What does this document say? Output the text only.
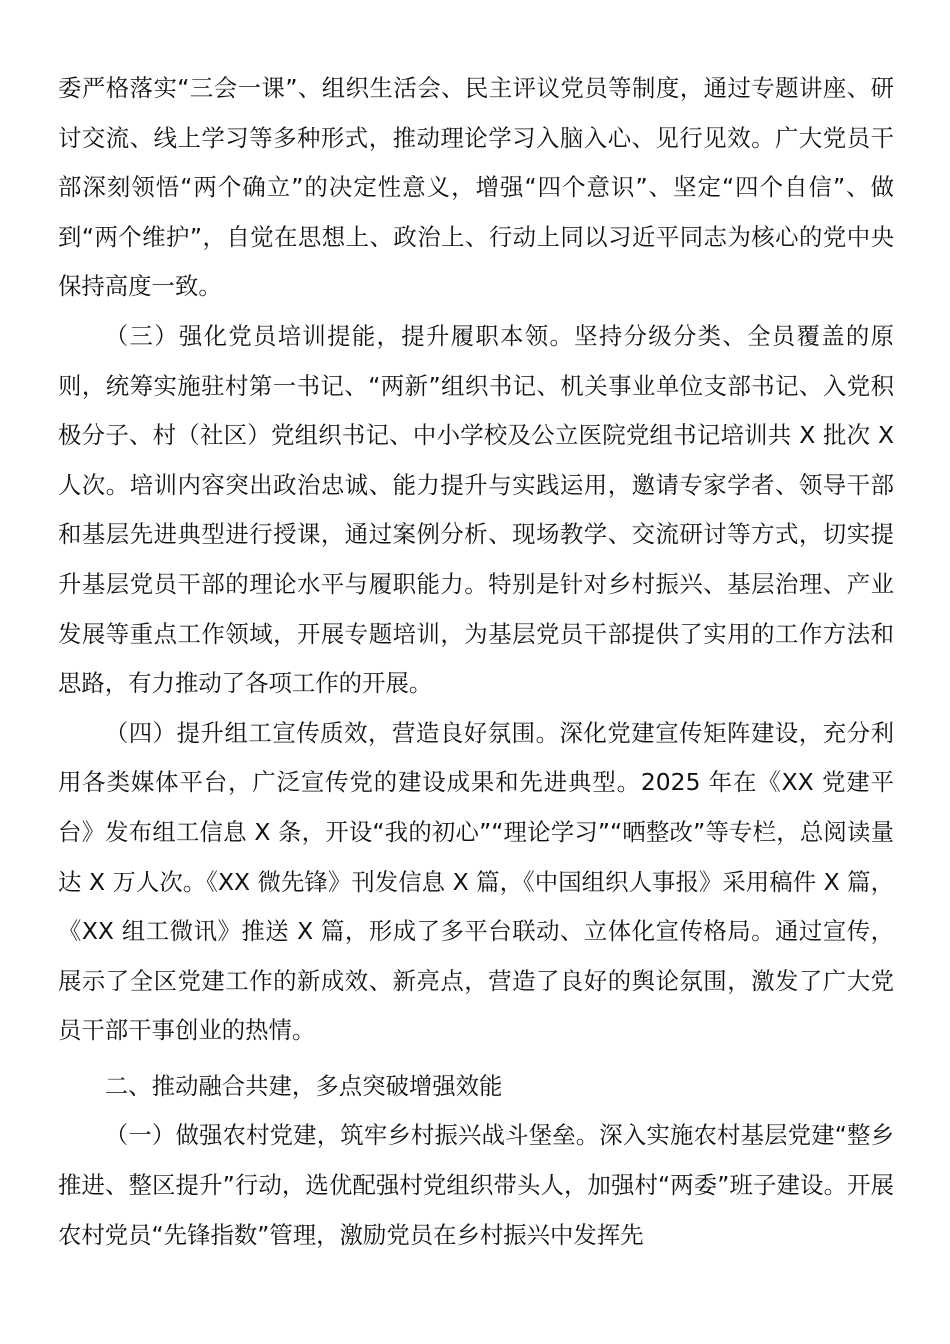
委严格落实“三会一课”、组织生活会、民主评议党员等制度，通过专题讲座、研讨交流、线上学习等多种形式，推动理论学习入脑入心、见行见效。广大党员干部深刻领悟“两个确立”的决定性意义，增强“四个意识”、坚定“四个自信”、做到“两个维护”，自觉在思想上、政治上、行动上同以习近平同志为核心的党中央保持高度一致。

（三）强化党员培训提能，提升履职本领。坚持分级分类、全员覆盖的原则，统筹实施驻村第一书记、“两新”组织书记、机关事业单位支部书记、入党积极分子、村（社区）党组织书记、中小学校及公立医院党组书记培训共 X 批次 X 人次。培训内容突出政治忠诚、能力提升与实践运用，邀请专家学者、领导干部和基层先进典型进行授课，通过案例分析、现场教学、交流研讨等方式，切实提升基层党员干部的理论水平与履职能力。特别是针对乡村振兴、基层治理、产业发展等重点工作领域，开展专题培训，为基层党员干部提供了实用的工作方法和思路，有力推动了各项工作的开展。

（四）提升组工宣传质效，营造良好氛围。深化党建宣传矩阵建设，充分利用各类媒体平台，广泛宣传党的建设成果和先进典型。2025 年在《XX 党建平台》发布组工信息 X 条，开设“我的初心”“理论学习”“晒整改”等专栏，总阅读量达 X 万人次。《XX 微先锋》刊发信息 X 篇，《中国组织人事报》采用稿件 X 篇，《XX 组工微讯》推送 X 篇，形成了多平台联动、立体化宣传格局。通过宣传，展示了全区党建工作的新成效、新亮点，营造了良好的舆论氛围，激发了广大党员干部干事创业的热情。

二、推动融合共建，多点突破增强效能

（一）做强农村党建，筑牢乡村振兴战斗堡垒。深入实施农村基层党建“整乡推进、整区提升”行动，选优配强村党组织带头人，加强村“两委”班子建设。开展农村党员“先锋指数”管理，激励党员在乡村振兴中发挥先
